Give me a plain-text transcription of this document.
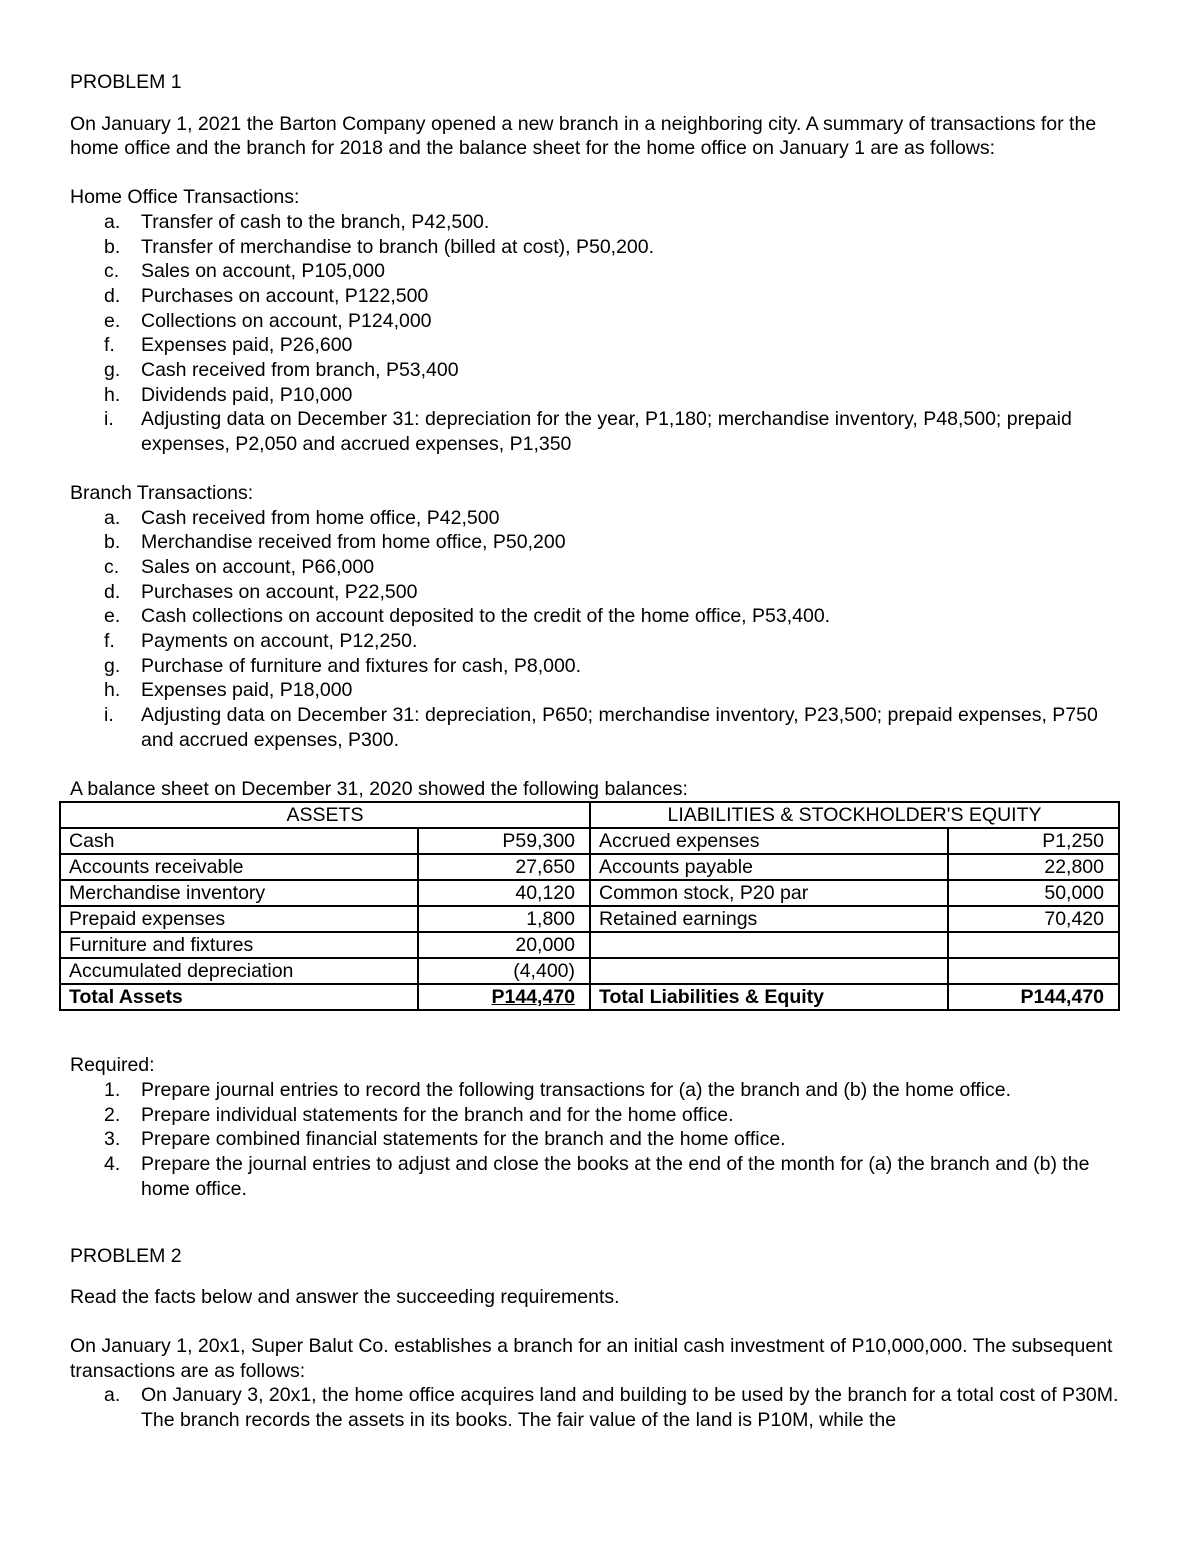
PROBLEM 1

On January 1, 2021 the Barton Company opened a new branch in a neighboring city. A summary of transactions for the home office and the branch for 2018 and the balance sheet for the home office on January 1 are as follows:

Home Office Transactions:

a. Transfer of cash to the branch, P42,500.
b. Transfer of merchandise to branch (billed at cost), P50,200.
c. Sales on account, P105,000
d. Purchases on account, P122,500
e. Collections on account, P124,000
f. Expenses paid, P26,600
g. Cash received from branch, P53,400
h. Dividends paid, P10,000
i. Adjusting data on December 31: depreciation for the year, P1,180; merchandise inventory, P48,500; prepaid expenses, P2,050 and accrued expenses, P1,350

Branch Transactions:

a. Cash received from home office, P42,500
b. Merchandise received from home office, P50,200
c. Sales on account, P66,000
d. Purchases on account, P22,500
e. Cash collections on account deposited to the credit of the home office, P53,400.
f. Payments on account, P12,250.
g. Purchase of furniture and fixtures for cash, P8,000.
h. Expenses paid, P18,000
i. Adjusting data on December 31: depreciation, P650; merchandise inventory, P23,500; prepaid expenses, P750 and accrued expenses, P300.

A balance sheet on December 31, 2020 showed the following balances:

ASSETS		LIABILITIES & STOCKHOLDER'S EQUITY	
Cash	P59,300	Accrued expenses	P1,250
Accounts receivable	27,650	Accounts payable	22,800
Merchandise inventory	40,120	Common stock, P20 par	50,000
Prepaid expenses	1,800	Retained earnings	70,420
Furniture and fixtures	20,000		
Accumulated depreciation	(4,400)		
Total Assets	P144,470	Total Liabilities & Equity	P144,470

Required:

1. Prepare journal entries to record the following transactions for (a) the branch and (b) the home office.
2. Prepare individual statements for the branch and for the home office.
3. Prepare combined financial statements for the branch and the home office.
4. Prepare the journal entries to adjust and close the books at the end of the month for (a) the branch and (b) the home office.

PROBLEM 2

Read the facts below and answer the succeeding requirements.

On January 1, 20x1, Super Balut Co. establishes a branch for an initial cash investment of P10,000,000. The subsequent transactions are as follows:

a. On January 3, 20x1, the home office acquires land and building to be used by the branch for a total cost of P30M. The branch records the assets in its books. The fair value of the land is P10M, while the
